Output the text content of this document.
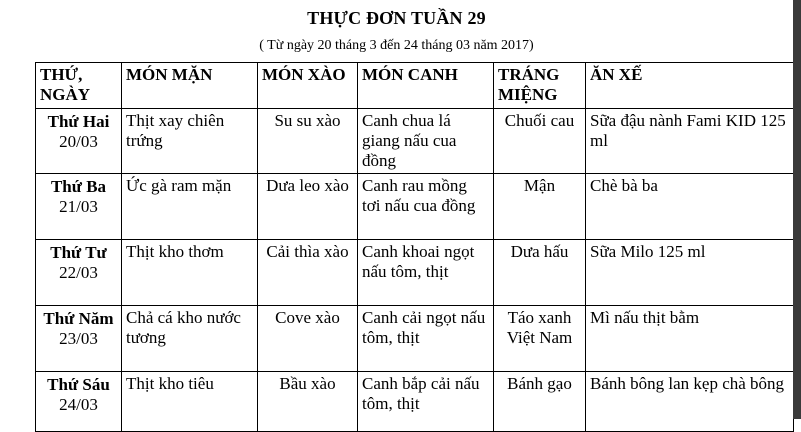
THỰC ĐƠN TUẦN 29
( Từ ngày 20 tháng 3 đến 24 tháng 03 năm 2017)
THỨ, NGÀY	MÓN MẶN	MÓN XÀO	MÓN CANH	TRÁNG MIỆNG	ĂN XẾ

Thứ Hai
20/03	Thịt xay chiên trứng	Su su xào	Canh chua lá giang nấu cua đồng	Chuối cau	Sữa đậu nành Fami KID 125 ml

Thứ Ba
21/03	Ức gà ram mặn	Dưa leo xào	Canh rau mồng tơi nấu cua đồng	Mận	Chè bà ba

Thứ Tư
22/03	Thịt kho thơm	Cải thìa xào	Canh khoai ngọt nấu tôm, thịt	Dưa hấu	Sữa Milo 125 ml

Thứ Năm
23/03	Chả cá kho nước tương	Cove xào	Canh cải ngọt nấu tôm, thịt	Táo xanh Việt Nam	Mì nấu thịt bằm

Thứ Sáu
24/03	Thịt kho tiêu	Bầu xào	Canh bắp cải nấu tôm, thịt	Bánh gạo	Bánh bông lan kẹp chà bông
